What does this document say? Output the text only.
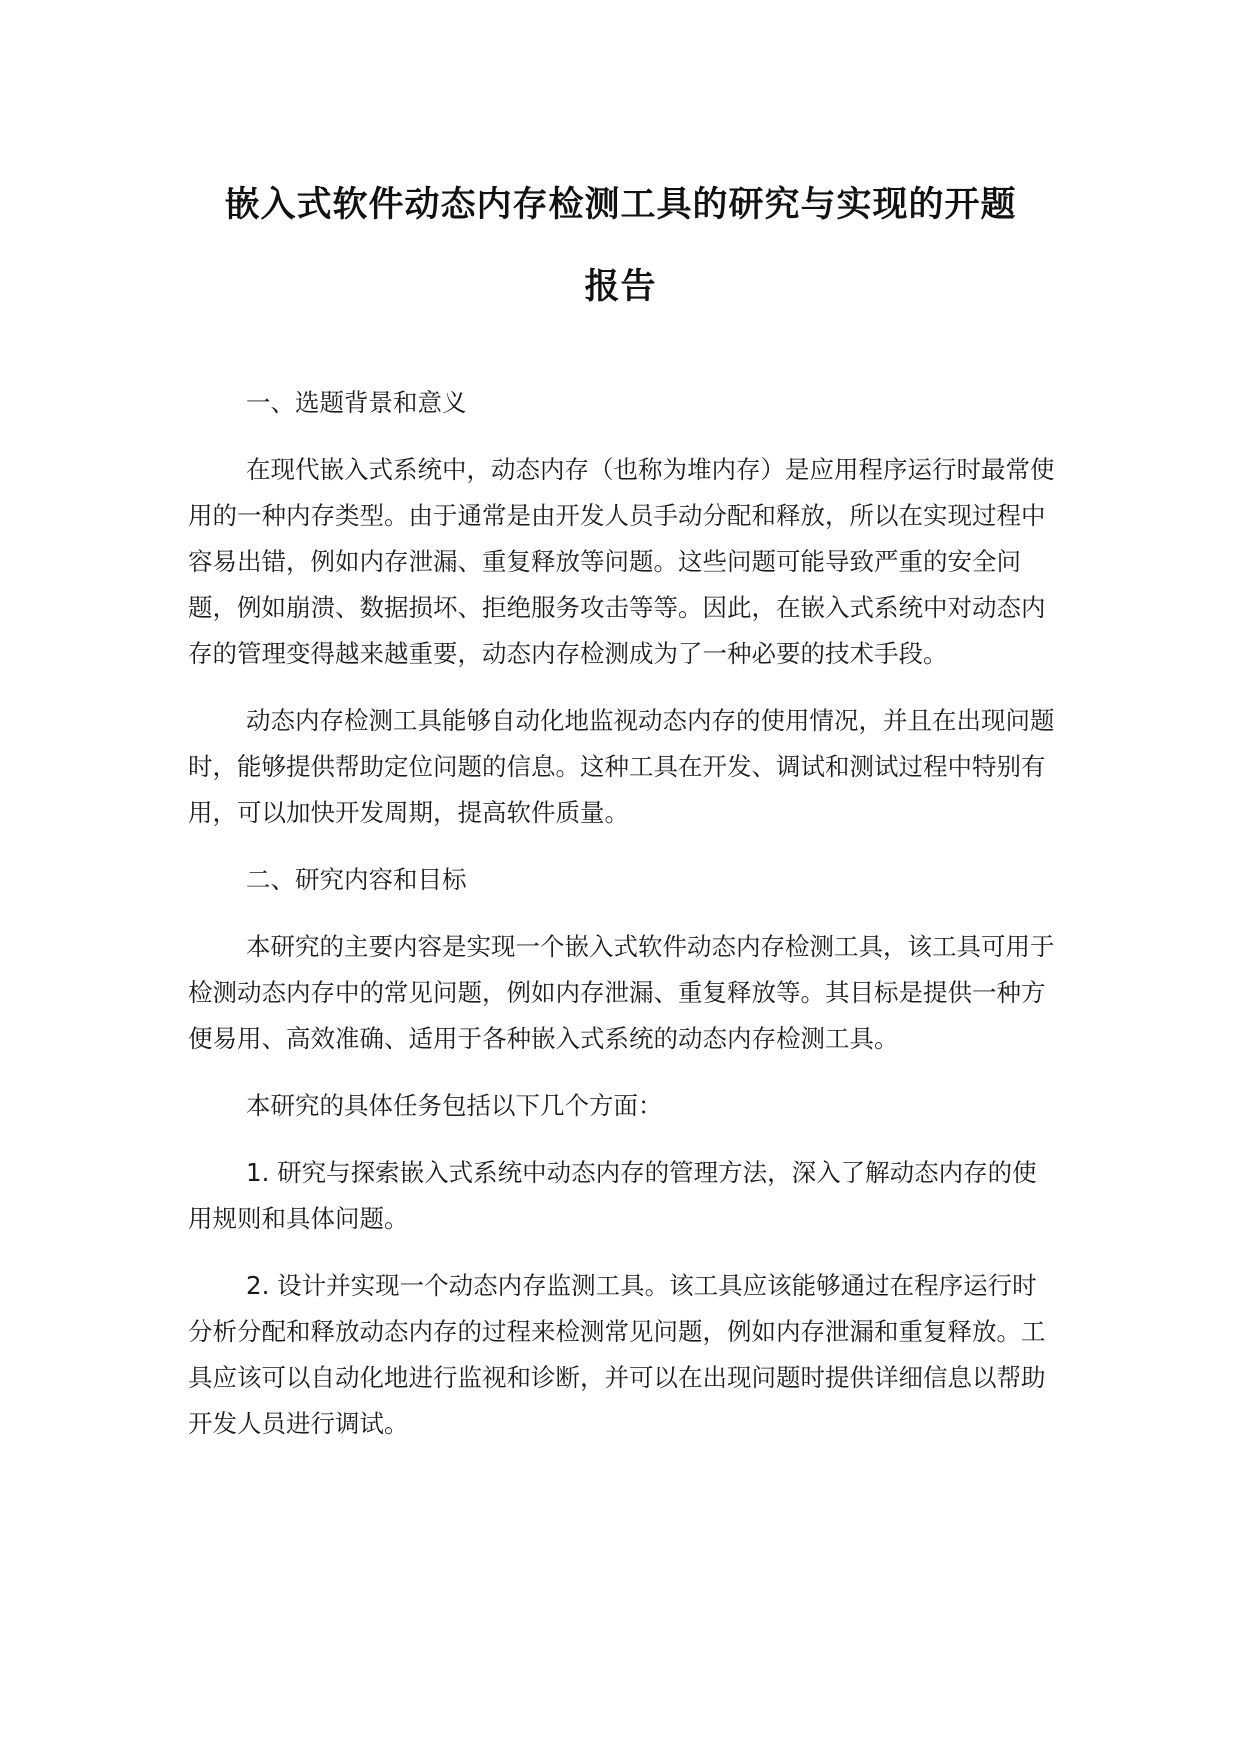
嵌入式软件动态内存检测工具的研究与实现的开题
报告

一、选题背景和意义

在现代嵌入式系统中，动态内存（也称为堆内存）是应用程序运行时最常使用的一种内存类型。由于通常是由开发人员手动分配和释放，所以在实现过程中容易出错，例如内存泄漏、重复释放等问题。这些问题可能导致严重的安全问题，例如崩溃、数据损坏、拒绝服务攻击等等。因此，在嵌入式系统中对动态内存的管理变得越来越重要，动态内存检测成为了一种必要的技术手段。

动态内存检测工具能够自动化地监视动态内存的使用情况，并且在出现问题时，能够提供帮助定位问题的信息。这种工具在开发、调试和测试过程中特别有用，可以加快开发周期，提高软件质量。

二、研究内容和目标

本研究的主要内容是实现一个嵌入式软件动态内存检测工具，该工具可用于检测动态内存中的常见问题，例如内存泄漏、重复释放等。其目标是提供一种方便易用、高效准确、适用于各种嵌入式系统的动态内存检测工具。

本研究的具体任务包括以下几个方面：

1. 研究与探索嵌入式系统中动态内存的管理方法，深入了解动态内存的使用规则和具体问题。

2. 设计并实现一个动态内存监测工具。该工具应该能够通过在程序运行时分析分配和释放动态内存的过程来检测常见问题，例如内存泄漏和重复释放。工具应该可以自动化地进行监视和诊断，并可以在出现问题时提供详细信息以帮助开发人员进行调试。
